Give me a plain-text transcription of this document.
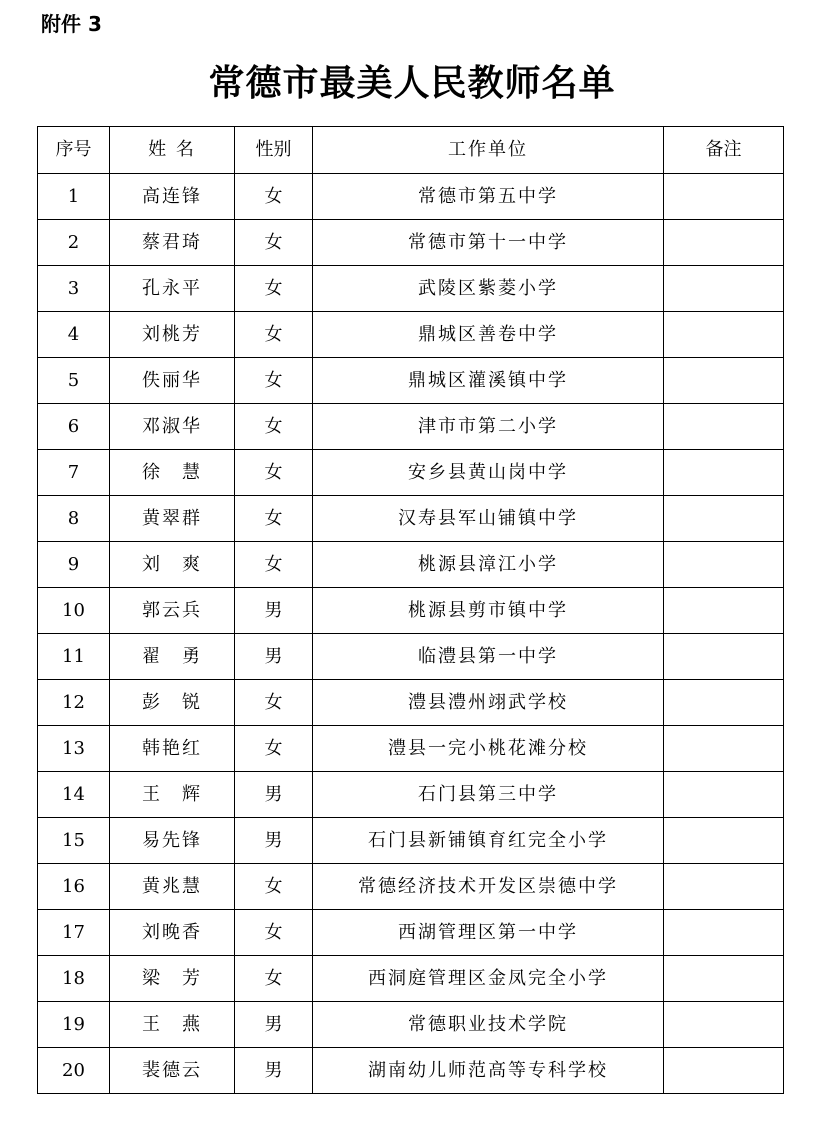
附件 3

常德市最美人民教师名单
序号	姓 名	性别	工作单位	备注
1	高连锋	女	常德市第五中学	
2	蔡君琦	女	常德市第十一中学	
3	孔永平	女	武陵区紫菱小学	
4	刘桃芳	女	鼎城区善卷中学	
5	佚丽华	女	鼎城区灌溪镇中学	
6	邓淑华	女	津市市第二小学	
7	徐　慧	女	安乡县黄山岗中学	
8	黄翠群	女	汉寿县军山铺镇中学	
9	刘　爽	女	桃源县漳江小学	
10	郭云兵	男	桃源县剪市镇中学	
11	翟　勇	男	临澧县第一中学	
12	彭　锐	女	澧县澧州翊武学校	
13	韩艳红	女	澧县一完小桃花滩分校	
14	王　辉	男	石门县第三中学	
15	易先锋	男	石门县新铺镇育红完全小学	
16	黄兆慧	女	常德经济技术开发区崇德中学	
17	刘晚香	女	西湖管理区第一中学	
18	梁　芳	女	西洞庭管理区金凤完全小学	
19	王　燕	男	常德职业技术学院	
20	裴德云	男	湖南幼儿师范高等专科学校	
